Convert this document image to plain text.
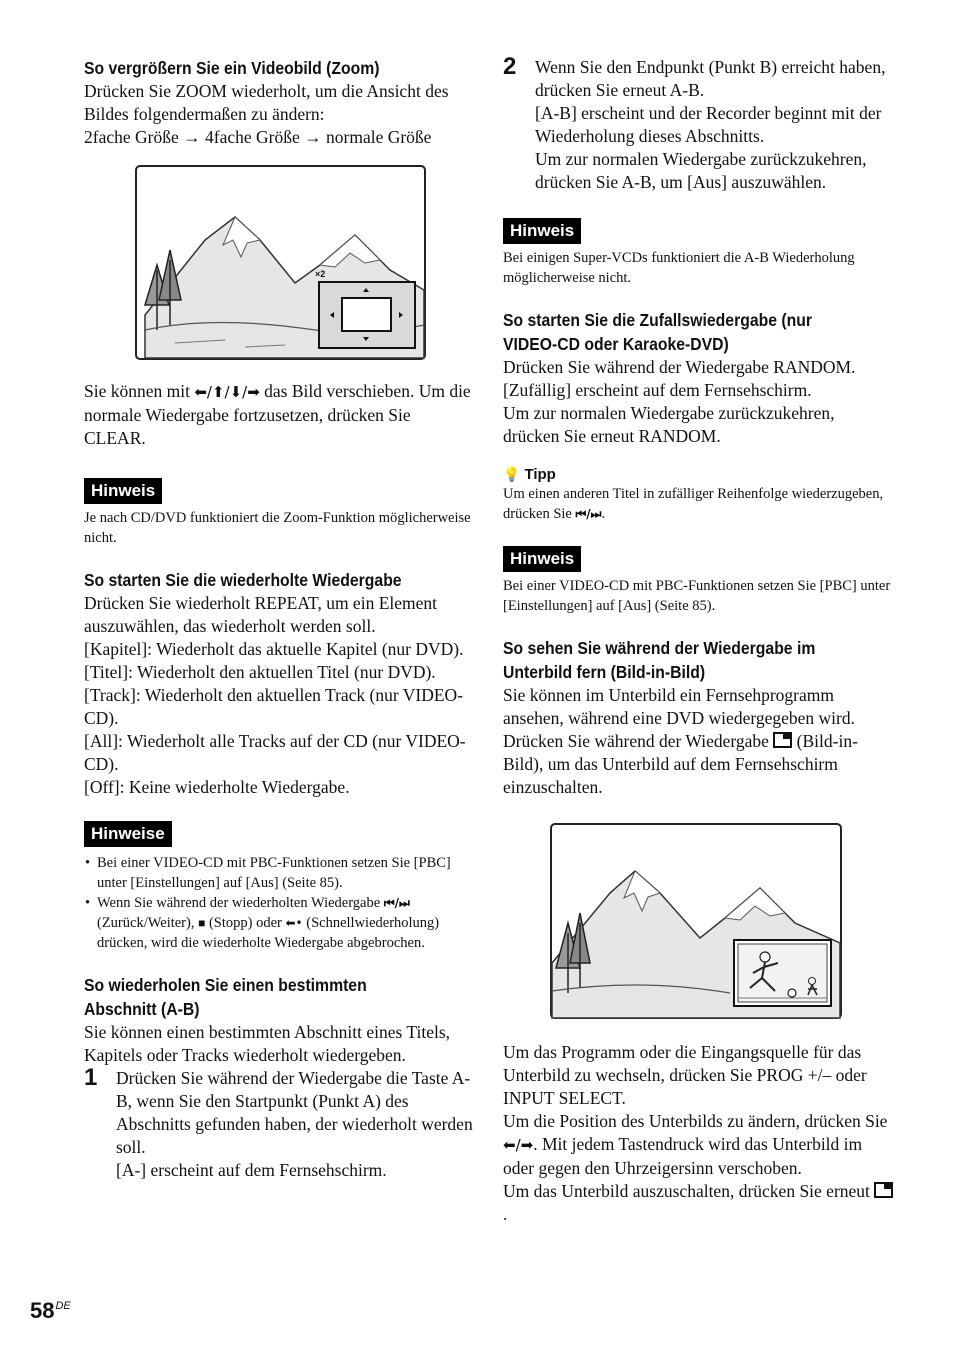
So vergrößern Sie ein Videobild (Zoom)

Drücken Sie ZOOM wiederholt, um die Ansicht des Bildes folgendermaßen zu ändern:

2fache Größe → 4fache Größe → normale Größe

×2

Sie können mit ⬅/⬆/⬇/➡ das Bild verschieben. Um die normale Wiedergabe fortzusetzen, drücken Sie CLEAR.

Hinweis

Je nach CD/DVD funktioniert die Zoom-Funktion möglicherweise nicht.

So starten Sie die wiederholte Wiedergabe

Drücken Sie wiederholt REPEAT, um ein Element auszuwählen, das wiederholt werden soll.

[Kapitel]: Wiederholt das aktuelle Kapitel (nur DVD).

[Titel]: Wiederholt den aktuellen Titel (nur DVD).

[Track]: Wiederholt den aktuellen Track (nur VIDEO-CD).

[All]: Wiederholt alle Tracks auf der CD (nur VIDEO-CD).

[Off]: Keine wiederholte Wiedergabe.

Hinweise
• Bei einer VIDEO-CD mit PBC-Funktionen setzen Sie [PBC] unter [Einstellungen] auf [Aus] (Seite 85).
• Wenn Sie während der wiederholten Wiedergabe ⏮/⏭ (Zurück/Weiter), ■ (Stopp) oder ⬅• (Schnellwiederholung) drücken, wird die wiederholte Wiedergabe abgebrochen.

So wiederholen Sie einen bestimmten

Abschnitt (A-B)

Sie können einen bestimmten Abschnitt eines Titels, Kapitels oder Tracks wiederholt wiedergeben.

1 Drücken Sie während der Wiedergabe die Taste A-B, wenn Sie den Startpunkt (Punkt A) des Abschnitts gefunden haben, der wiederholt werden soll.

[A-] erscheint auf dem Fernsehschirm.

2 Wenn Sie den Endpunkt (Punkt B) erreicht haben, drücken Sie erneut A-B.

[A-B] erscheint und der Recorder beginnt mit der Wiederholung dieses Abschnitts.

Um zur normalen Wiedergabe zurückzukehren, drücken Sie A-B, um [Aus] auszuwählen.

Hinweis

Bei einigen Super-VCDs funktioniert die A-B Wiederholung möglicherweise nicht.

So starten Sie die Zufallswiedergabe (nur

VIDEO-CD oder Karaoke-DVD)

Drücken Sie während der Wiedergabe RANDOM.

[Zufällig] erscheint auf dem Fernsehschirm.

Um zur normalen Wiedergabe zurückzukehren, drücken Sie erneut RANDOM.

💡 Tipp

Um einen anderen Titel in zufälliger Reihenfolge wiederzugeben, drücken Sie ⏮/⏭.

Hinweis

Bei einer VIDEO-CD mit PBC-Funktionen setzen Sie [PBC] unter [Einstellungen] auf [Aus] (Seite 85).

So sehen Sie während der Wiedergabe im

Unterbild fern (Bild-in-Bild)

Sie können im Unterbild ein Fernsehprogramm ansehen, während eine DVD wiedergegeben wird.

Drücken Sie während der Wiedergabe (Bild-in-Bild), um das Unterbild auf dem Fernsehschirm einzuschalten.

Um das Programm oder die Eingangsquelle für das Unterbild zu wechseln, drücken Sie PROG +/– oder INPUT SELECT.

Um die Position des Unterbilds zu ändern, drücken Sie ⬅/➡. Mit jedem Tastendruck wird das Unterbild im oder gegen den Uhrzeigersinn verschoben.

Um das Unterbild auszuschalten, drücken Sie erneut .

58DE
